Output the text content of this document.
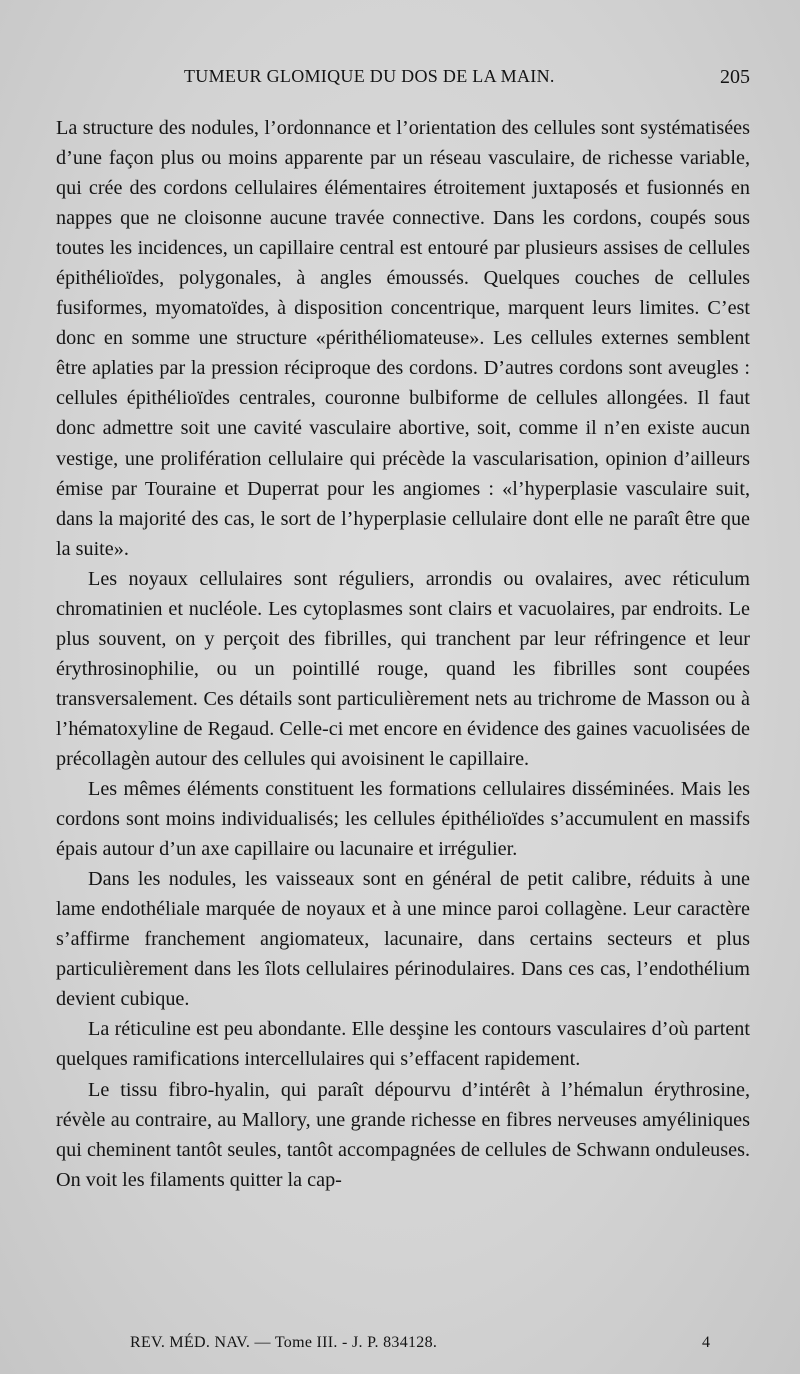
TUMEUR GLOMIQUE DU DOS DE LA MAIN.	205

La structure des nodules, l’ordonnance et l’orientation des cellules sont systématisées d’une façon plus ou moins apparente par un réseau vasculaire, de richesse variable, qui crée des cordons cellulaires élémentaires étroitement juxtaposés et fusionnés en nappes que ne cloisonne aucune travée connective. Dans les cordons, coupés sous toutes les incidences, un capillaire central est entouré par plusieurs assises de cellules épithélioïdes, polygonales, à angles émoussés. Quelques couches de cellules fusiformes, myomatoïdes, à disposition concentrique, marquent leurs limites. C’est donc en somme une structure «périthéliomateuse». Les cellules externes semblent être aplaties par la pression réciproque des cordons. D’autres cordons sont aveugles : cellules épithélioïdes centrales, couronne bulbiforme de cellules allongées. Il faut donc admettre soit une cavité vasculaire abortive, soit, comme il n’en existe aucun vestige, une prolifération cellulaire qui précède la vascularisation, opinion d’ailleurs émise par Touraine et Duperrat pour les angiomes : «l’hyperplasie vasculaire suit, dans la majorité des cas, le sort de l’hyperplasie cellulaire dont elle ne paraît être que la suite».

Les noyaux cellulaires sont réguliers, arrondis ou ovalaires, avec réticulum chromatinien et nucléole. Les cytoplasmes sont clairs et vacuolaires, par endroits. Le plus souvent, on y perçoit des fibrilles, qui tranchent par leur réfringence et leur érythrosinophilie, ou un pointillé rouge, quand les fibrilles sont coupées transversalement. Ces détails sont particulièrement nets au trichrome de Masson ou à l’hématoxyline de Regaud. Celle-ci met encore en évidence des gaines vacuolisées de précollagèn autour des cellules qui avoisinent le capillaire.

Les mêmes éléments constituent les formations cellulaires disséminées. Mais les cordons sont moins individualisés; les cellules épithélioïdes s’accumulent en massifs épais autour d’un axe capillaire ou lacunaire et irrégulier.

Dans les nodules, les vaisseaux sont en général de petit calibre, réduits à une lame endothéliale marquée de noyaux et à une mince paroi collagène. Leur caractère s’affirme franchement angiomateux, lacunaire, dans certains secteurs et plus particulièrement dans les îlots cellulaires périnodulaires. Dans ces cas, l’endothélium devient cubique.

La réticuline est peu abondante. Elle desşine les contours vasculaires d’où partent quelques ramifications intercellulaires qui s’effacent rapidement.

Le tissu fibro-hyalin, qui paraît dépourvu d’intérêt à l’hémalun érythrosine, révèle au contraire, au Mallory, une grande richesse en fibres nerveuses amyéliniques qui cheminent tantôt seules, tantôt accompagnées de cellules de Schwann onduleuses. On voit les filaments quitter la cap-

REV. MÉD. NAV. — Tome III. - J. P. 834128.	4
